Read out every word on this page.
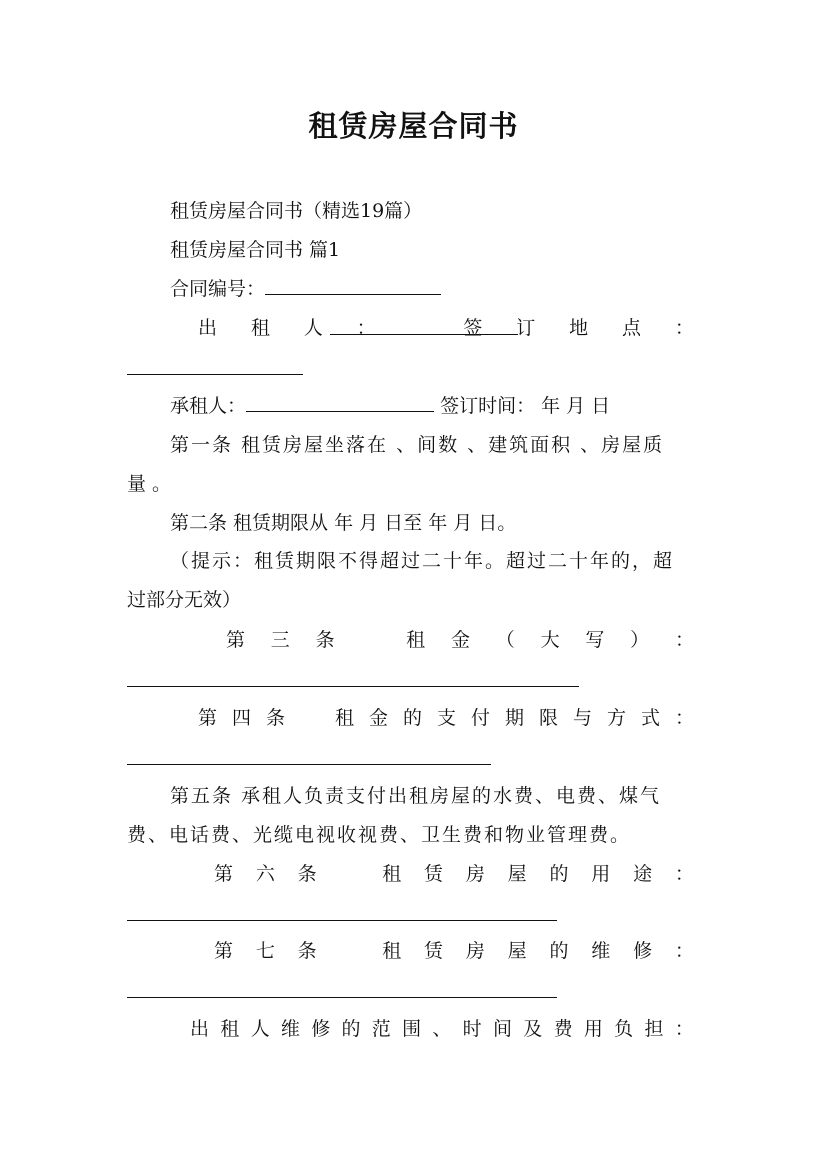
租赁房屋合同书
租赁房屋合同书（精选19篇）
租赁房屋合同书 篇1
合同编号：
出 租 人 ：	签 订 地 点 ：
承租人：	签订时间： 年 月 日
第一条 租赁房屋坐落在 、间数 、建筑面积 、房屋质
量 。
第二条 租赁期限从 年 月 日至 年 月 日。
（提示：租赁期限不得超过二十年。超过二十年的，超
过部分无效）
第 三 条	租 金 （ 大 写 ） ：
第 四 条	租 金 的 支 付 期 限 与 方 式 ：
第五条 承租人负责支付出租房屋的水费、电费、煤气
费、电话费、光缆电视收视费、卫生费和物业管理费。
第 六 条	租 赁 房 屋 的 用 途 ：
第 七 条	租 赁 房 屋 的 维 修 ：
出 租 人 维 修 的 范 围 、 时 间 及 费 用 负 担 ：
